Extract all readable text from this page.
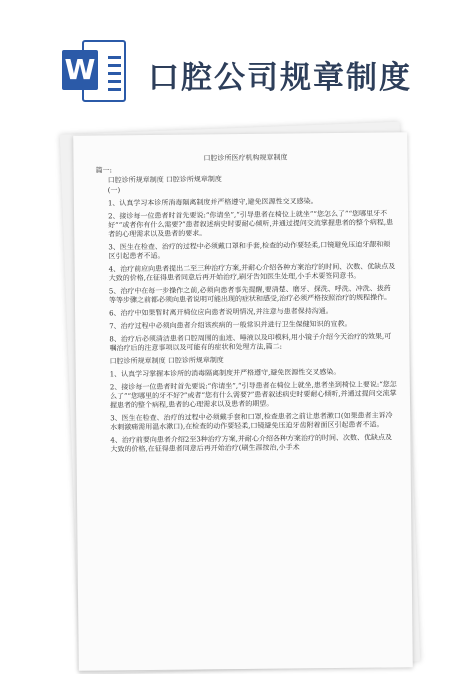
W 口腔公司规章制度

口腔诊所医疗机构规章制度

篇一:

口腔诊所规章制度 口腔诊所规章制度

(一)

1、认真学习本诊所消毒隔离制度并严格遵守,避免医源性交叉感染。

2、接诊每一位患者时首先要说:“你请坐”,“引导患者在椅位上就坐”“您怎么了”“您哪里牙不好”“或者你有什么需要?”患者叙述病史时要耐心倾听,并通过提问交流掌握患者的整个病程,患者的心理需求以及患者的要求。

3、医生在检查、治疗的过程中必须戴口罩和手套,检查的动作要轻柔,口镜避免压迫牙龈和颊区引起患者不适。

4、治疗前应向患者提出二至三种治疗方案,并耐心介绍各种方案治疗的时间、次数、优缺点及大致的价格,在征得患者同意后再开始治疗,刷牙告知医生处理,小手术要签同意书。

5、治疗中在每一步操作之前,必须向患者事先提醒,要清楚、磨牙、探洗、呼洗、冲洗、拔药等等步骤之前都必须向患者说明可能出现的症状和感受,治疗必须严格按照治疗的规程操作。

6、治疗中如果暂时离开椅位应向患者说明情况,并注意与患者保持沟通。

7、治疗过程中必须向患者介绍该疾病的一般常识并进行卫生保健知识的宣教。

8、治疗后必须清洁患者口腔周围的血迹、唾液以及印模料,用小镜子介绍今天治疗的效果,可嘱治疗后的注意事项以及可能有的症状和处理方法,篇二:

口腔诊所规章制度 口腔诊所规章制度

1、认真学习掌握本诊所的消毒隔离制度并严格遵守,避免医源性交叉感染。

2、接诊每一位患者时首先要说:“你请坐”,“引导患者在椅位上就坐,患者坐到椅位上要说:“您怎么了”“您哪里的牙不好?”或者“您有什么需要?”患者叙述病史时要耐心倾听,并通过提问交流掌握患者的整个病程,患者的心理需求以及患者的期望。

3、医生在检查、治疗的过程中必须戴手套和口罩,检查患者之前让患者漱口(如果患者主诉冷水刺激痛需用温水漱口),在检查的动作要轻柔,口镜避免压迫牙齿附着面区引起患者不适。

4、治疗前要向患者介绍2至3种治疗方案,并耐心介绍各种方案治疗的时间、次数、优缺点及大致的价格,在征得患者同意后再开始治疗(刷生涯按治,小手术
